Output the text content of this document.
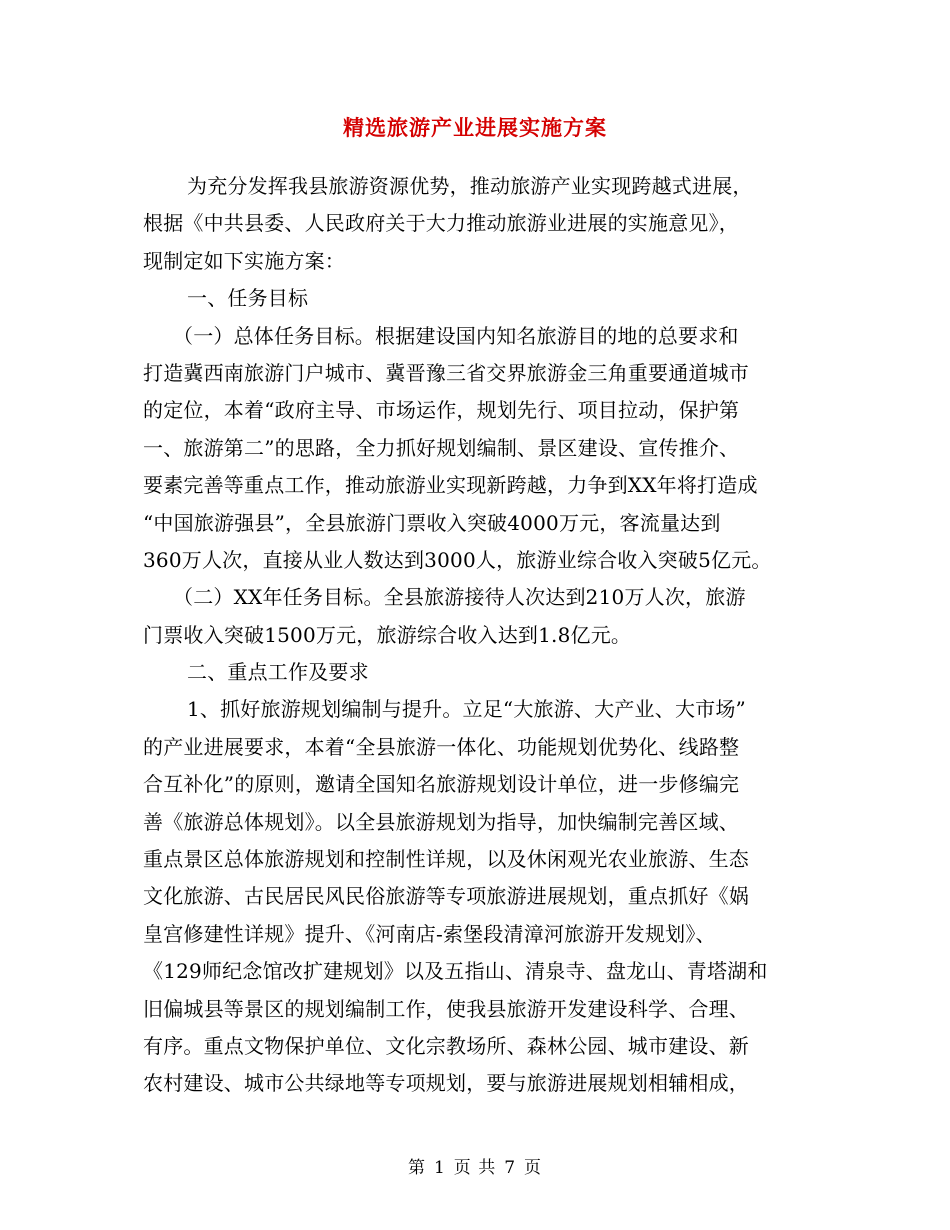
精选旅游产业进展实施方案
为充分发挥我县旅游资源优势，推动旅游产业实现跨越式进展，
根据《中共县委、人民政府关于大力推动旅游业进展的实施意见》，
现制定如下实施方案：
一、任务目标
（一）总体任务目标。根据建设国内知名旅游目的地的总要求和
打造冀西南旅游门户城市、冀晋豫三省交界旅游金三角重要通道城市
的定位，本着“政府主导、市场运作，规划先行、项目拉动，保护第
一、旅游第二”的思路，全力抓好规划编制、景区建设、宣传推介、
要素完善等重点工作，推动旅游业实现新跨越，力争到XX年将打造成
“中国旅游强县”，全县旅游门票收入突破4000万元，客流量达到
360万人次，直接从业人数达到3000人，旅游业综合收入突破5亿元。
（二）XX年任务目标。全县旅游接待人次达到210万人次，旅游
门票收入突破1500万元，旅游综合收入达到1.8亿元。
二、重点工作及要求
1、抓好旅游规划编制与提升。立足“大旅游、大产业、大市场”
的产业进展要求，本着“全县旅游一体化、功能规划优势化、线路整
合互补化”的原则，邀请全国知名旅游规划设计单位，进一步修编完
善《旅游总体规划》。以全县旅游规划为指导，加快编制完善区域、
重点景区总体旅游规划和控制性详规，以及休闲观光农业旅游、生态
文化旅游、古民居民风民俗旅游等专项旅游进展规划，重点抓好《娲
皇宫修建性详规》提升、《河南店-索堡段清漳河旅游开发规划》、
《129师纪念馆改扩建规划》以及五指山、清泉寺、盘龙山、青塔湖和
旧偏城县等景区的规划编制工作，使我县旅游开发建设科学、合理、
有序。重点文物保护单位、文化宗教场所、森林公园、城市建设、新
农村建设、城市公共绿地等专项规划，要与旅游进展规划相辅相成，
第 1 页 共 7 页
